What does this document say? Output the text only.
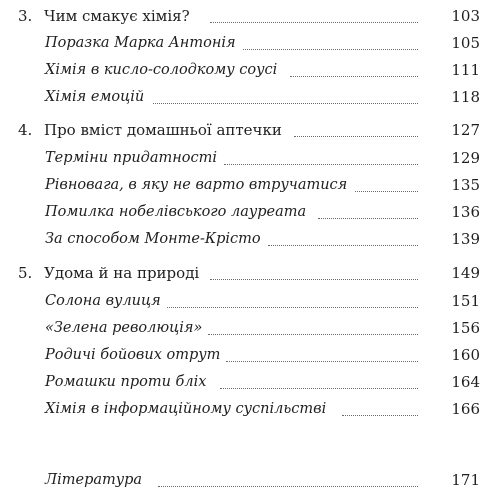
3. Чим смакує хімія?	103
Поразка Марка Антонія	105
Хімія в кисло-солодкому соусі	111
Хімія емоцій	118
4. Про вміст домашньої аптечки	127
Терміни придатності	129
Рівновага, в яку не варто втручатися	135
Помилка нобелівського лауреата	136
За способом Монте-Крісто	139
5. Удома й на природі	149
Солона вулиця	151
«Зелена революція»	156
Родичі бойових отрут	160
Ромашки проти бліх	164
Хімія в інформаційному суспільстві	166
Література	171
